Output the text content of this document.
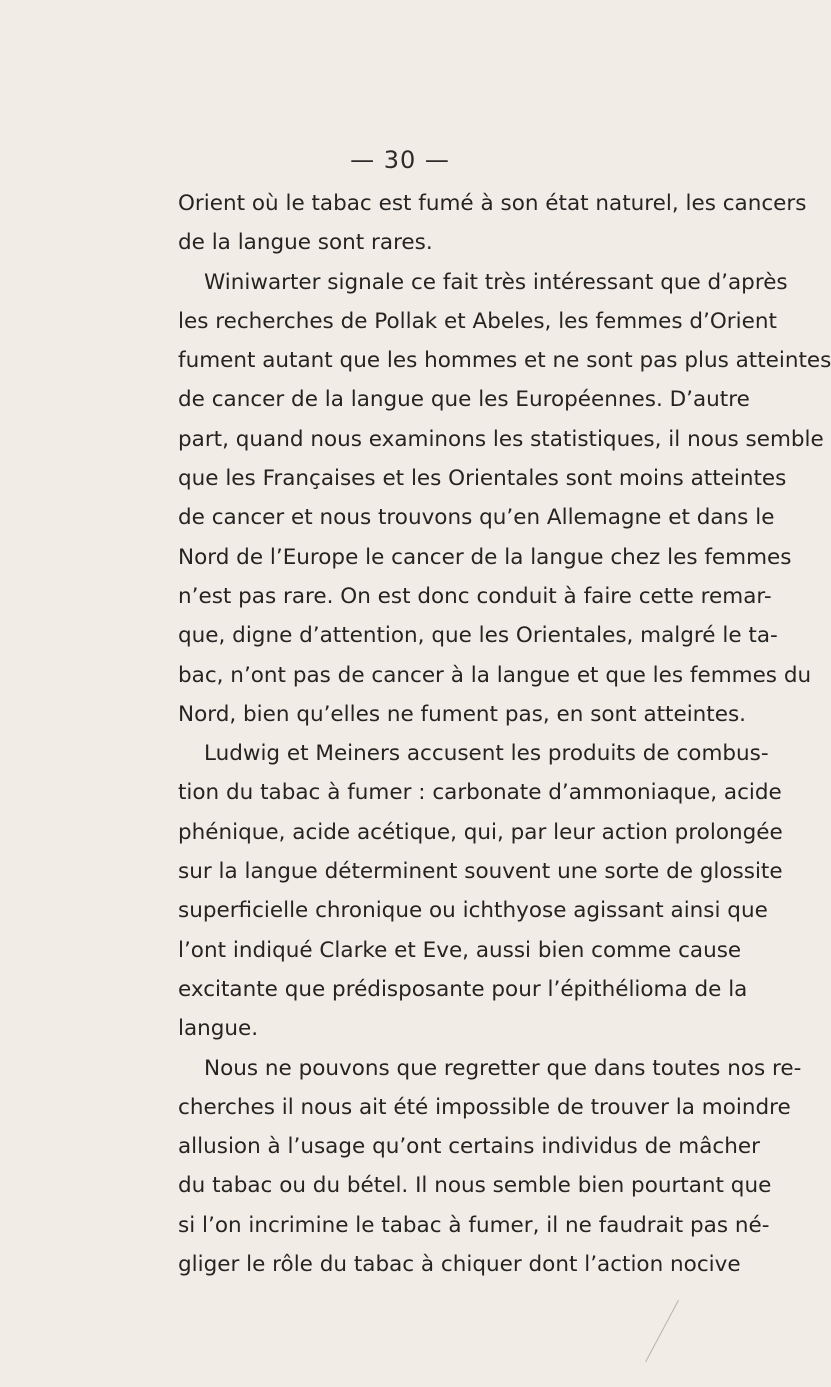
— 30 —
Orient où le tabac est fumé à son état naturel, les cancers
de la langue sont rares.
Winiwarter signale ce fait très intéressant que d’après
les recherches de Pollak et Abeles, les femmes d’Orient
fument autant que les hommes et ne sont pas plus atteintes
de cancer de la langue que les Européennes. D’autre
part, quand nous examinons les statistiques, il nous semble
que les Françaises et les Orientales sont moins atteintes
de cancer et nous trouvons qu’en Allemagne et dans le
Nord de l’Europe le cancer de la langue chez les femmes
n’est pas rare. On est donc conduit à faire cette remar-
que, digne d’attention, que les Orientales, malgré le ta-
bac, n’ont pas de cancer à la langue et que les femmes du
Nord, bien qu’elles ne fument pas, en sont atteintes.
Ludwig et Meiners accusent les produits de combus-
tion du tabac à fumer : carbonate d’ammoniaque, acide
phénique, acide acétique, qui, par leur action prolongée
sur la langue déterminent souvent une sorte de glossite
superficielle chronique ou ichthyose agissant ainsi que
l’ont indiqué Clarke et Eve, aussi bien comme cause
excitante que prédisposante pour l’épithélioma de la
langue.
Nous ne pouvons que regretter que dans toutes nos re-
cherches il nous ait été impossible de trouver la moindre
allusion à l’usage qu’ont certains individus de mâcher
du tabac ou du bétel. Il nous semble bien pourtant que
si l’on incrimine le tabac à fumer, il ne faudrait pas né-
gliger le rôle du tabac à chiquer dont l’action nocive
